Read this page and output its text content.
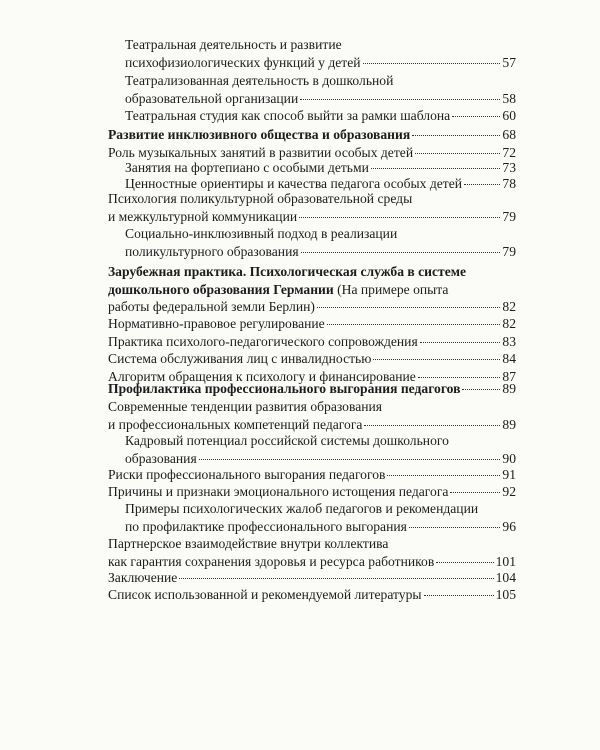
Театральная деятельность и развитие
психофизиологических функций у детей	57
Театрализованная деятельность в дошкольной
образовательной организации	58
Театральная студия как способ выйти за рамки шаблона	60
Развитие инклюзивного общества и образования	68
Роль музыкальных занятий в развитии особых детей	72
Занятия на фортепиано с особыми детьми	73
Ценностные ориентиры и качества педагога особых детей	78
Психология поликультурной образовательной среды
и межкультурной коммуникации	79
Социально-инклюзивный подход в реализации
поликультурного образования	79
Зарубежная практика. Психологическая служба в системе
дошкольного образования Германии (На примере опыта
работы федеральной земли Берлин)	82
Нормативно-правовое регулирование	82
Практика психолого-педагогического сопровождения	83
Система обслуживания лиц с инвалидностью	84
Алгоритм обращения к психологу и финансирование	87
Профилактика профессионального выгорания педагогов	89
Современные тенденции развития образования
и профессиональных компетенций педагога	89
Кадровый потенциал российской системы дошкольного
образования	90
Риски профессионального выгорания педагогов	91
Причины и признаки эмоционального истощения педагога	92
Примеры психологических жалоб педагогов и рекомендации
по профилактике профессионального выгорания	96
Партнерское взаимодействие внутри коллектива
как гарантия сохранения здоровья и ресурса работников	101
Заключение	104
Список использованной и рекомендуемой литературы	105
